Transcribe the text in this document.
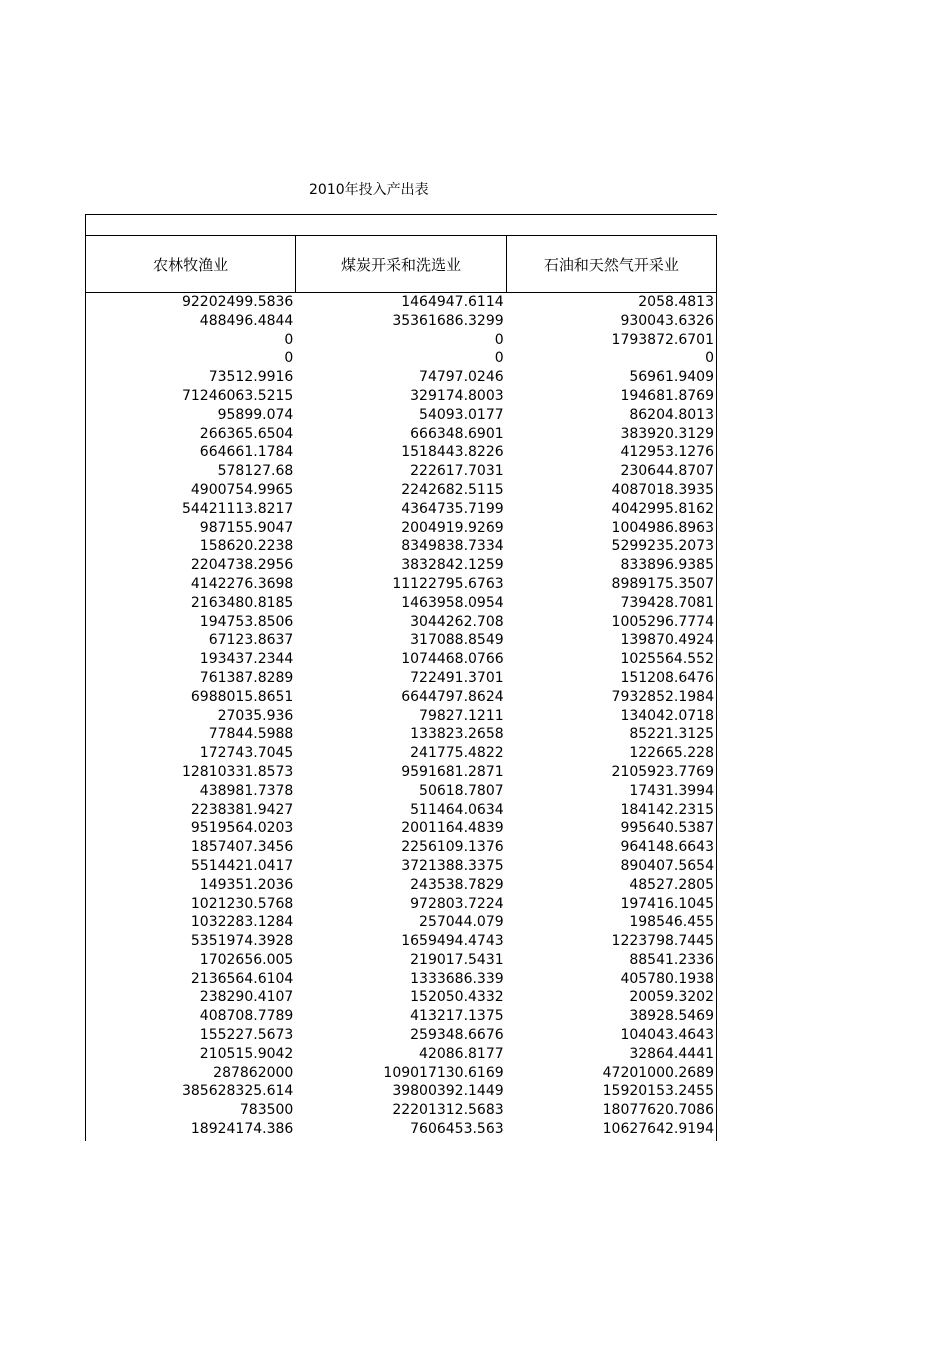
2010年投入产出表
农林牧渔业	煤炭开采和洗选业	石油和天然气开采业
92202499.5836	1464947.6114	2058.4813
488496.4844	35361686.3299	930043.6326
0	0	1793872.6701
0	0	0
73512.9916	74797.0246	56961.9409
71246063.5215	329174.8003	194681.8769
95899.074	54093.0177	86204.8013
266365.6504	666348.6901	383920.3129
664661.1784	1518443.8226	412953.1276
578127.68	222617.7031	230644.8707
4900754.9965	2242682.5115	4087018.3935
54421113.8217	4364735.7199	4042995.8162
987155.9047	2004919.9269	1004986.8963
158620.2238	8349838.7334	5299235.2073
2204738.2956	3832842.1259	833896.9385
4142276.3698	11122795.6763	8989175.3507
2163480.8185	1463958.0954	739428.7081
194753.8506	3044262.708	1005296.7774
67123.8637	317088.8549	139870.4924
193437.2344	1074468.0766	1025564.552
761387.8289	722491.3701	151208.6476
6988015.8651	6644797.8624	7932852.1984
27035.936	79827.1211	134042.0718
77844.5988	133823.2658	85221.3125
172743.7045	241775.4822	122665.228
12810331.8573	9591681.2871	2105923.7769
438981.7378	50618.7807	17431.3994
2238381.9427	511464.0634	184142.2315
9519564.0203	2001164.4839	995640.5387
1857407.3456	2256109.1376	964148.6643
5514421.0417	3721388.3375	890407.5654
149351.2036	243538.7829	48527.2805
1021230.5768	972803.7224	197416.1045
1032283.1284	257044.079	198546.455
5351974.3928	1659494.4743	1223798.7445
1702656.005	219017.5431	88541.2336
2136564.6104	1333686.339	405780.1938
238290.4107	152050.4332	20059.3202
408708.7789	413217.1375	38928.5469
155227.5673	259348.6676	104043.4643
210515.9042	42086.8177	32864.4441
287862000	109017130.6169	47201000.2689
385628325.614	39800392.1449	15920153.2455
783500	22201312.5683	18077620.7086
18924174.386	7606453.563	10627642.9194
